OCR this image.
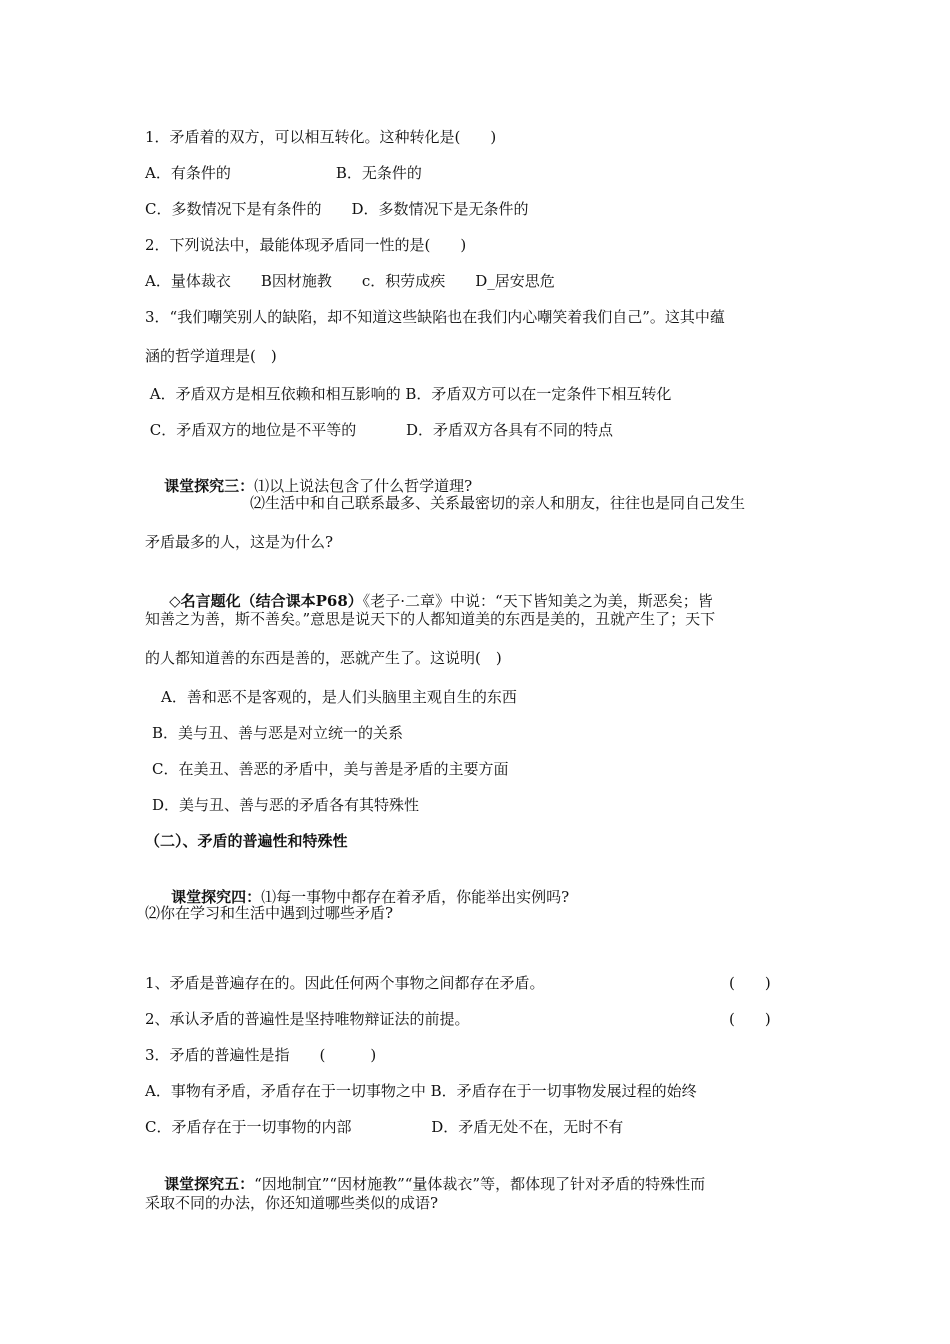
1．矛盾着的双方，可以相互转化。这种转化是(　　)
A．有条件的　　　　　　　B．无条件的
C．多数情况下是有条件的　　D．多数情况下是无条件的
2．下列说法中，最能体现矛盾同一性的是(　　)
A．量体裁衣　　B因材施教　　c．积劳成疾　　D_居安思危
3．“我们嘲笑别人的缺陷，却不知道这些缺陷也在我们内心嘲笑着我们自己”。这其中蕴
涵的哲学道理是(　)
A．矛盾双方是相互依赖和相互影响的 B．矛盾双方可以在一定条件下相互转化
C．矛盾双方的地位是不平等的　　　 D．矛盾双方各具有不同的特点

课堂探究三：⑴以上说法包含了什么哲学道理?

⑵生活中和自己联系最多、关系最密切的亲人和朋友，往往也是同自己发生
矛盾最多的人，这是为什么?

◇名言题化（结合课本P68）《老子·二章》中说：“天下皆知美之为美，斯恶矣；皆

知善之为善，斯不善矣。”意思是说天下的人都知道美的东西是美的，丑就产生了；天下
的人都知道善的东西是善的，恶就产生了。这说明(　)
A．善和恶不是客观的，是人们头脑里主观自生的东西
B．美与丑、善与恶是对立统一的关系
C．在美丑、善恶的矛盾中，美与善是矛盾的主要方面
D．美与丑、善与恶的矛盾各有其特殊性
（二）、矛盾的普遍性和特殊性

课堂探究四：⑴每一事物中都存在着矛盾，你能举出实例吗?

⑵你在学习和生活中遇到过哪些矛盾?
1、矛盾是普遍存在的。因此任何两个事物之间都存在矛盾。	(　　)
2、承认矛盾的普遍性是坚持唯物辩证法的前提。	(　　)
3．矛盾的普遍性是指　　(　　　)
A．事物有矛盾，矛盾存在于一切事物之中 B．矛盾存在于一切事物发展过程的始终
C．矛盾存在于一切事物的内部　　　　　 D．矛盾无处不在，无时不有

课堂探究五：“因地制宜”“因材施教”“量体裁衣”等，都体现了针对矛盾的特殊性而

采取不同的办法，你还知道哪些类似的成语?
